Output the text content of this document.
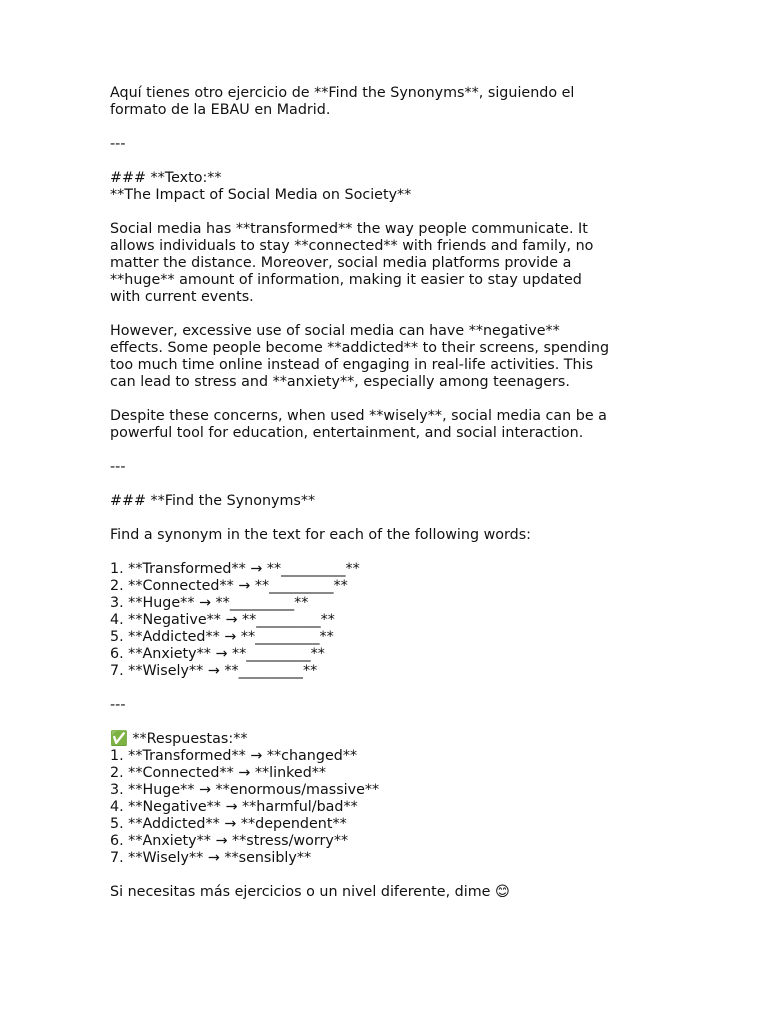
Aquí tienes otro ejercicio de **Find the Synonyms**, siguiendo el
formato de la EBAU en Madrid.
---
### **Texto:**
**The Impact of Social Media on Society**
Social media has **transformed** the way people communicate. It
allows individuals to stay **connected** with friends and family, no
matter the distance. Moreover, social media platforms provide a
**huge** amount of information, making it easier to stay updated
with current events.
However, excessive use of social media can have **negative**
effects. Some people become **addicted** to their screens, spending
too much time online instead of engaging in real-life activities. This
can lead to stress and **anxiety**, especially among teenagers.
Despite these concerns, when used **wisely**, social media can be a
powerful tool for education, entertainment, and social interaction.
---
### **Find the Synonyms**
Find a synonym in the text for each of the following words:
1. **Transformed** → **_________**
2. **Connected** → **_________**
3. **Huge** → **_________**
4. **Negative** → **_________**
5. **Addicted** → **_________**
6. **Anxiety** → **_________**
7. **Wisely** → **_________**
---
✅ **Respuestas:**
1. **Transformed** → **changed**
2. **Connected** → **linked**
3. **Huge** → **enormous/massive**
4. **Negative** → **harmful/bad**
5. **Addicted** → **dependent**
6. **Anxiety** → **stress/worry**
7. **Wisely** → **sensibly**
Si necesitas más ejercicios o un nivel diferente, dime 😊
